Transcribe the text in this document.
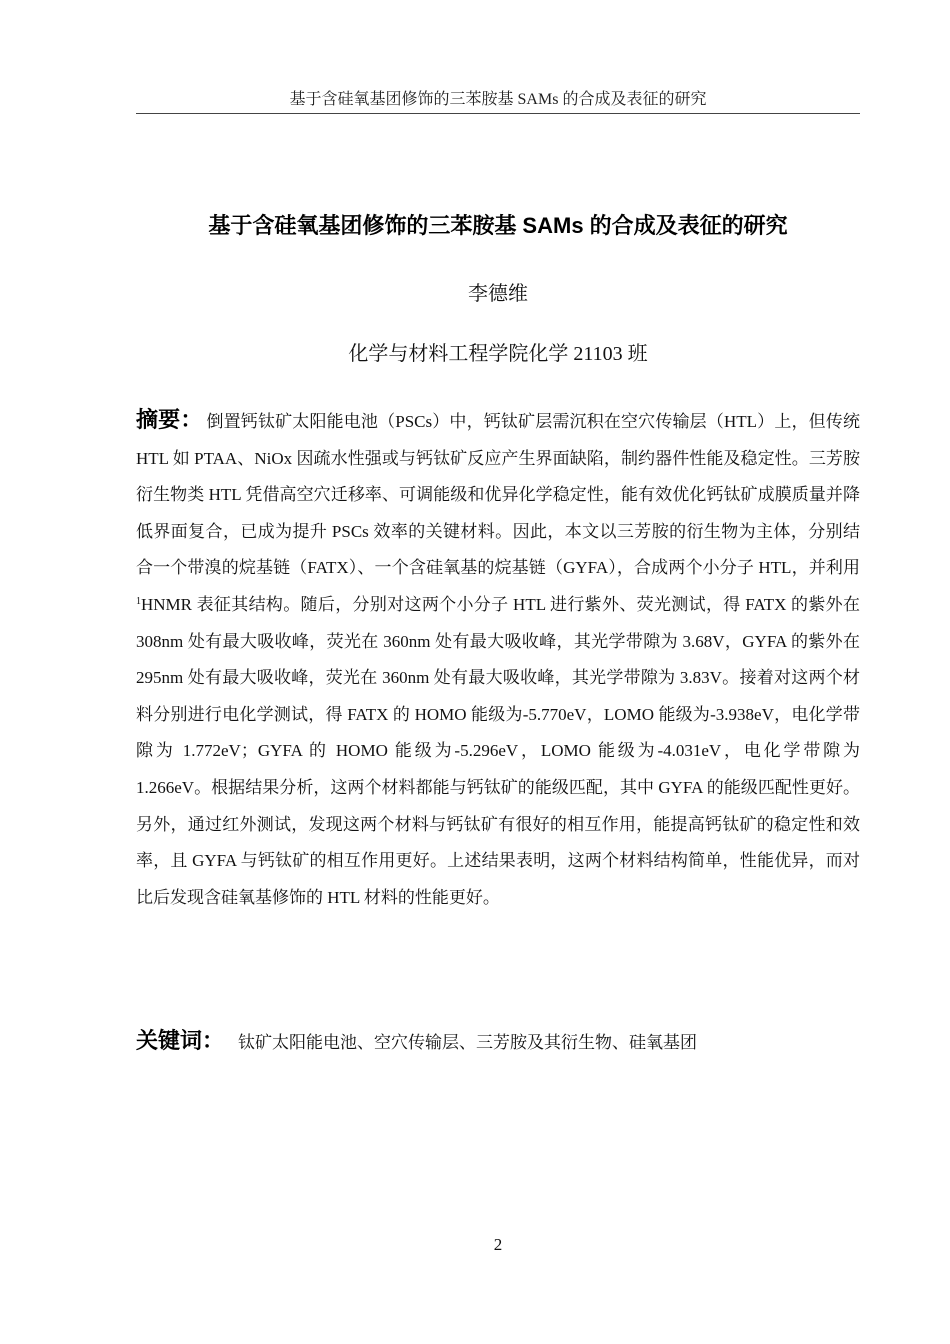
基于含硅氧基团修饰的三苯胺基 SAMs 的合成及表征的研究
基于含硅氧基团修饰的三苯胺基 SAMs 的合成及表征的研究
李德维
化学与材料工程学院化学 21103 班
摘要： 倒置钙钛矿太阳能电池（PSCs）中，钙钛矿层需沉积在空穴传输层（HTL）上，但传统 HTL 如 PTAA、NiOx 因疏水性强或与钙钛矿反应产生界面缺陷，制约器件性能及稳定性。三芳胺衍生物类 HTL 凭借高空穴迁移率、可调能级和优异化学稳定性，能有效优化钙钛矿成膜质量并降低界面复合，已成为提升 PSCs 效率的关键材料。因此，本文以三芳胺的衍生物为主体，分别结合一个带溴的烷基链（FATX）、一个含硅氧基的烷基链（GYFA），合成两个小分子 HTL，并利用 $^1$HNMR 表征其结构。随后，分别对这两个小分子 HTL 进行紫外、荧光测试，得 FATX 的紫外在 308nm 处有最大吸收峰，荧光在 360nm 处有最大吸收峰，其光学带隙为 3.68V，GYFA 的紫外在 295nm 处有最大吸收峰，荧光在 360nm 处有最大吸收峰，其光学带隙为 3.83V。接着对这两个材料分别进行电化学测试，得 FATX 的 HOMO 能级为-5.770eV，LOMO 能级为-3.938eV，电化学带隙为 1.772eV；GYFA 的 HOMO 能级为-5.296eV，LOMO 能级为-4.031eV，电化学带隙为 1.266eV。根据结果分析，这两个材料都能与钙钛矿的能级匹配，其中 GYFA 的能级匹配性更好。另外，通过红外测试，发现这两个材料与钙钛矿有很好的相互作用，能提高钙钛矿的稳定性和效率，且 GYFA 与钙钛矿的相互作用更好。上述结果表明，这两个材料结构简单，性能优异，而对比后发现含硅氧基修饰的 HTL 材料的性能更好。
关键词： 钛矿太阳能电池、空穴传输层、三芳胺及其衍生物、硅氧基团
2
